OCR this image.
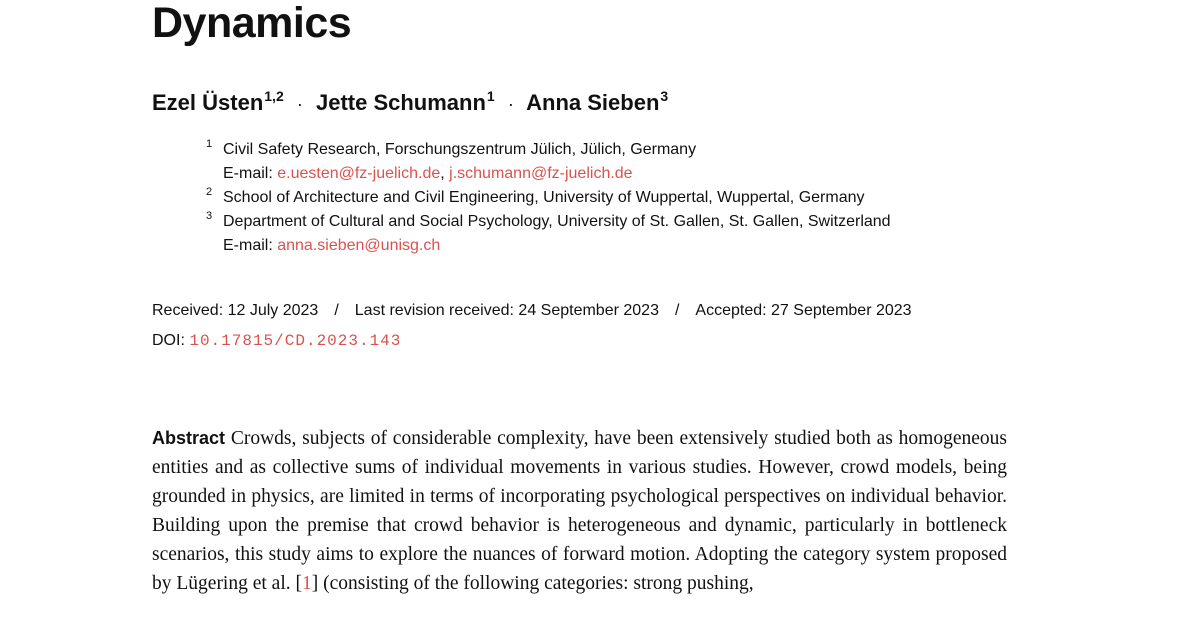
Dynamics
Ezel Üsten$^{1,2}$ · Jette Schumann$^1$ · Anna Sieben$^3$
1 Civil Safety Research, Forschungszentrum Jülich, Jülich, Germany
E-mail: e.uesten@fz-juelich.de, j.schumann@fz-juelich.de
2 School of Architecture and Civil Engineering, University of Wuppertal, Wuppertal, Germany
3 Department of Cultural and Social Psychology, University of St. Gallen, St. Gallen, Switzerland
E-mail: anna.sieben@unisg.ch
Received: 12 July 2023 / Last revision received: 24 September 2023 / Accepted: 27 September 2023
DOI: 10.17815/CD.2023.143

Abstract Crowds, subjects of considerable complexity, have been extensively studied both as homogeneous entities and as collective sums of individual movements in various studies. However, crowd models, being grounded in physics, are limited in terms of incorporating psychological perspectives on individual behavior. Building upon the premise that crowd behavior is heterogeneous and dynamic, particularly in bottleneck scenarios, this study aims to explore the nuances of forward motion. Adopting the category system proposed by Lügering et al. [1] (consisting of the following categories: strong pushing,
